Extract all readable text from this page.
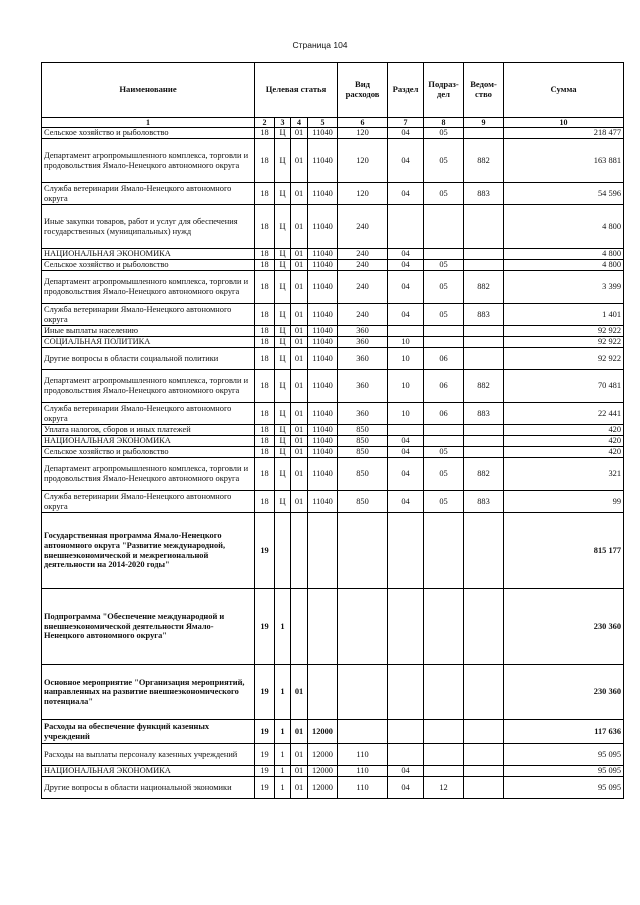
Страница 104
Наименование	Целевая статья				Вид расходов	Раздел	Подраз-дел	Ведом-ство	Сумма
1	2	3	4	5	6	7	8	9	10
Сельское хозяйство и рыболовство	18	Ц	01	11040	120	04	05		218 477
Департамент агропромышленного комплекса, торговли и продовольствия Ямало-Ненецкого автономного округа	18	Ц	01	11040	120	04	05	882	163 881
Служба ветеринарии Ямало-Ненецкого автономного округа	18	Ц	01	11040	120	04	05	883	54 596
Иные закупки товаров, работ и услуг для обеспечения государственных (муниципальных) нужд	18	Ц	01	11040	240				4 800
НАЦИОНАЛЬНАЯ ЭКОНОМИКА	18	Ц	01	11040	240	04			4 800
Сельское хозяйство и рыболовство	18	Ц	01	11040	240	04	05		4 800
Департамент агропромышленного комплекса, торговли и продовольствия Ямало-Ненецкого автономного округа	18	Ц	01	11040	240	04	05	882	3 399
Служба ветеринарии Ямало-Ненецкого автономного округа	18	Ц	01	11040	240	04	05	883	1 401
Иные выплаты населению	18	Ц	01	11040	360				92 922
СОЦИАЛЬНАЯ ПОЛИТИКА	18	Ц	01	11040	360	10			92 922
Другие вопросы в области социальной политики	18	Ц	01	11040	360	10	06		92 922
Департамент агропромышленного комплекса, торговли и продовольствия Ямало-Ненецкого автономного округа	18	Ц	01	11040	360	10	06	882	70 481
Служба ветеринарии Ямало-Ненецкого автономного округа	18	Ц	01	11040	360	10	06	883	22 441
Уплата налогов, сборов и иных платежей	18	Ц	01	11040	850				420
НАЦИОНАЛЬНАЯ ЭКОНОМИКА	18	Ц	01	11040	850	04			420
Сельское хозяйство и рыболовство	18	Ц	01	11040	850	04	05		420
Департамент агропромышленного комплекса, торговли и продовольствия Ямало-Ненецкого автономного округа	18	Ц	01	11040	850	04	05	882	321
Служба ветеринарии Ямало-Ненецкого автономного округа	18	Ц	01	11040	850	04	05	883	99
Государственная программа Ямало-Ненецкого автономного округа "Развитие международной, внешнеэкономической и межрегиональной деятельности на 2014-2020 годы"	19								815 177
Подпрограмма "Обеспечение международной и внешнеэкономической деятельности Ямало-Ненецкого автономного округа"	19	1							230 360
Основное мероприятие "Организация мероприятий, направленных на развитие внешнеэкономического потенциала"	19	1	01						230 360
Расходы на обеспечение функций казенных учреждений	19	1	01	12000					117 636
Расходы на выплаты персоналу казенных учреждений	19	1	01	12000	110				95 095
НАЦИОНАЛЬНАЯ ЭКОНОМИКА	19	1	01	12000	110	04			95 095
Другие вопросы в области национальной экономики	19	1	01	12000	110	04	12		95 095
